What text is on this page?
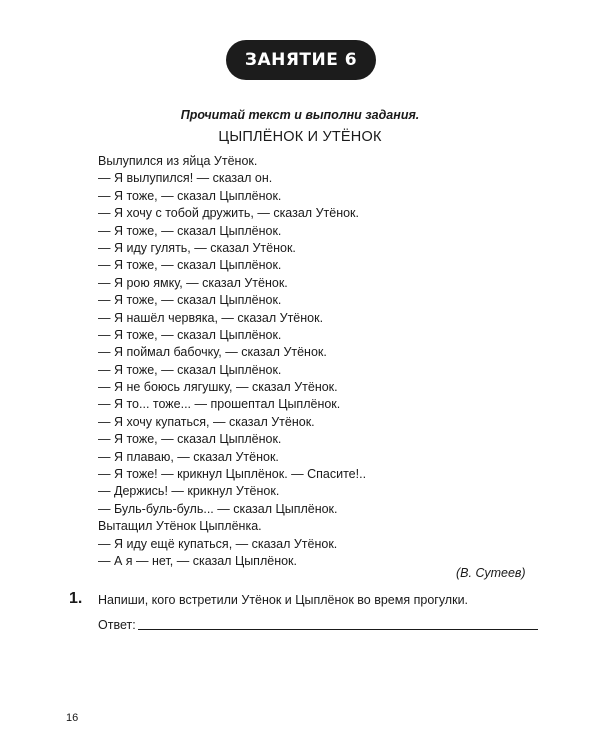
ЗАНЯТИЕ 6
Прочитай текст и выполни задания.
ЦЫПЛЁНОК И УТЁНОК
Вылупился из яйца Утёнок.
— Я вылупился! — сказал он.
— Я тоже, — сказал Цыплёнок.
— Я хочу с тобой дружить, — сказал Утёнок.
— Я тоже, — сказал Цыплёнок.
— Я иду гулять, — сказал Утёнок.
— Я тоже, — сказал Цыплёнок.
— Я рою ямку, — сказал Утёнок.
— Я тоже, — сказал Цыплёнок.
— Я нашёл червяка, — сказал Утёнок.
— Я тоже, — сказал Цыплёнок.
— Я поймал бабочку, — сказал Утёнок.
— Я тоже, — сказал Цыплёнок.
— Я не боюсь лягушку, — сказал Утёнок.
— Я то... тоже... — прошептал Цыплёнок.
— Я хочу купаться, — сказал Утёнок.
— Я тоже, — сказал Цыплёнок.
— Я плаваю, — сказал Утёнок.
— Я тоже! — крикнул Цыплёнок. — Спасите!..
— Держись! — крикнул Утёнок.
— Буль-буль-буль... — сказал Цыплёнок.
Вытащил Утёнок Цыплёнка.
— Я иду ещё купаться, — сказал Утёнок.
— А я — нет, — сказал Цыплёнок.
(В. Сутеев)
1. Напиши, кого встретили Утёнок и Цыплёнок во время прогулки.
Ответ:
16
